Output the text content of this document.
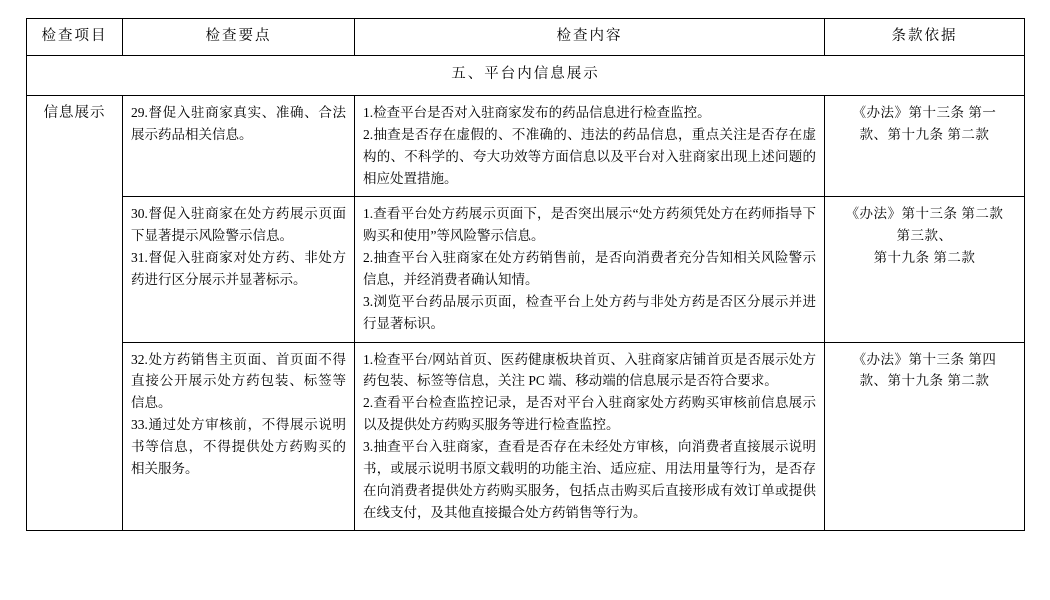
检查项目	检查要点	检查内容	条款依据
五、平台内信息展示			
信息展示	29.督促入驻商家真实、准确、合法展示药品相关信息。	1.检查平台是否对入驻商家发布的药品信息进行检查监控。
2.抽查是否存在虚假的、不准确的、违法的药品信息，重点关注是否存在虚构的、不科学的、夸大功效等方面信息以及平台对入驻商家出现上述问题的相应处置措施。	《办法》第十三条 第一
款、第十九条 第二款

	30.督促入驻商家在处方药展示页面下显著提示风险警示信息。
31.督促入驻商家对处方药、非处方药进行区分展示并显著标示。	1.查看平台处方药展示页面下，是否突出展示“处方药须凭处方在药师指导下购买和使用”等风险警示信息。
2.抽查平台入驻商家在处方药销售前，是否向消费者充分告知相关风险警示信息，并经消费者确认知情。
3.浏览平台药品展示页面，检查平台上处方药与非处方药是否区分展示并进行显著标识。	《办法》第十三条 第二款
第三款、
第十九条 第二款

	32.处方药销售主页面、首页面不得直接公开展示处方药包装、标签等信息。
33.通过处方审核前，不得展示说明书等信息，不得提供处方药购买的相关服务。	1.检查平台/网站首页、医药健康板块首页、入驻商家店铺首页是否展示处方药包装、标签等信息，关注 PC 端、移动端的信息展示是否符合要求。
2.查看平台检查监控记录，是否对平台入驻商家处方药购买审核前信息展示以及提供处方药购买服务等进行检查监控。
3.抽查平台入驻商家，查看是否存在未经处方审核，向消费者直接展示说明书，或展示说明书原文载明的功能主治、适应症、用法用量等行为，是否存在向消费者提供处方药购买服务，包括点击购买后直接形成有效订单或提供在线支付，及其他直接撮合处方药销售等行为。	《办法》第十三条 第四
款、第十九条 第二款
